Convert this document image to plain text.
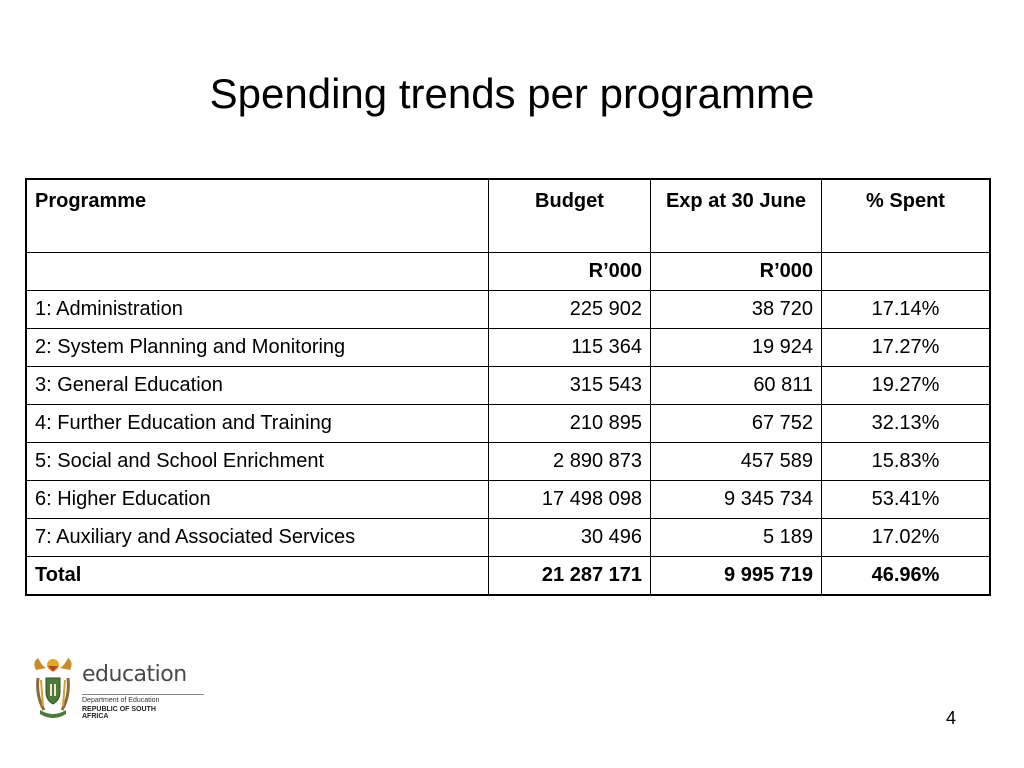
Spending trends per programme
Programme	Budget	Exp at 30 June	% Spent
	R’000	R’000	
1: Administration	225 902	38 720	17.14%
2: System Planning and Monitoring	115 364	19 924	17.27%
3: General Education	315 543	60 811	19.27%
4: Further Education and Training	210 895	67 752	32.13%
5: Social and School Enrichment	2 890 873	457 589	15.83%
6: Higher Education	17 498 098	9 345 734	53.41%
7: Auxiliary and Associated Services	30 496	5 189	17.02%
Total	21 287 171	9 995 719	46.96%
education
Department of Education
REPUBLIC OF SOUTH AFRICA	4
